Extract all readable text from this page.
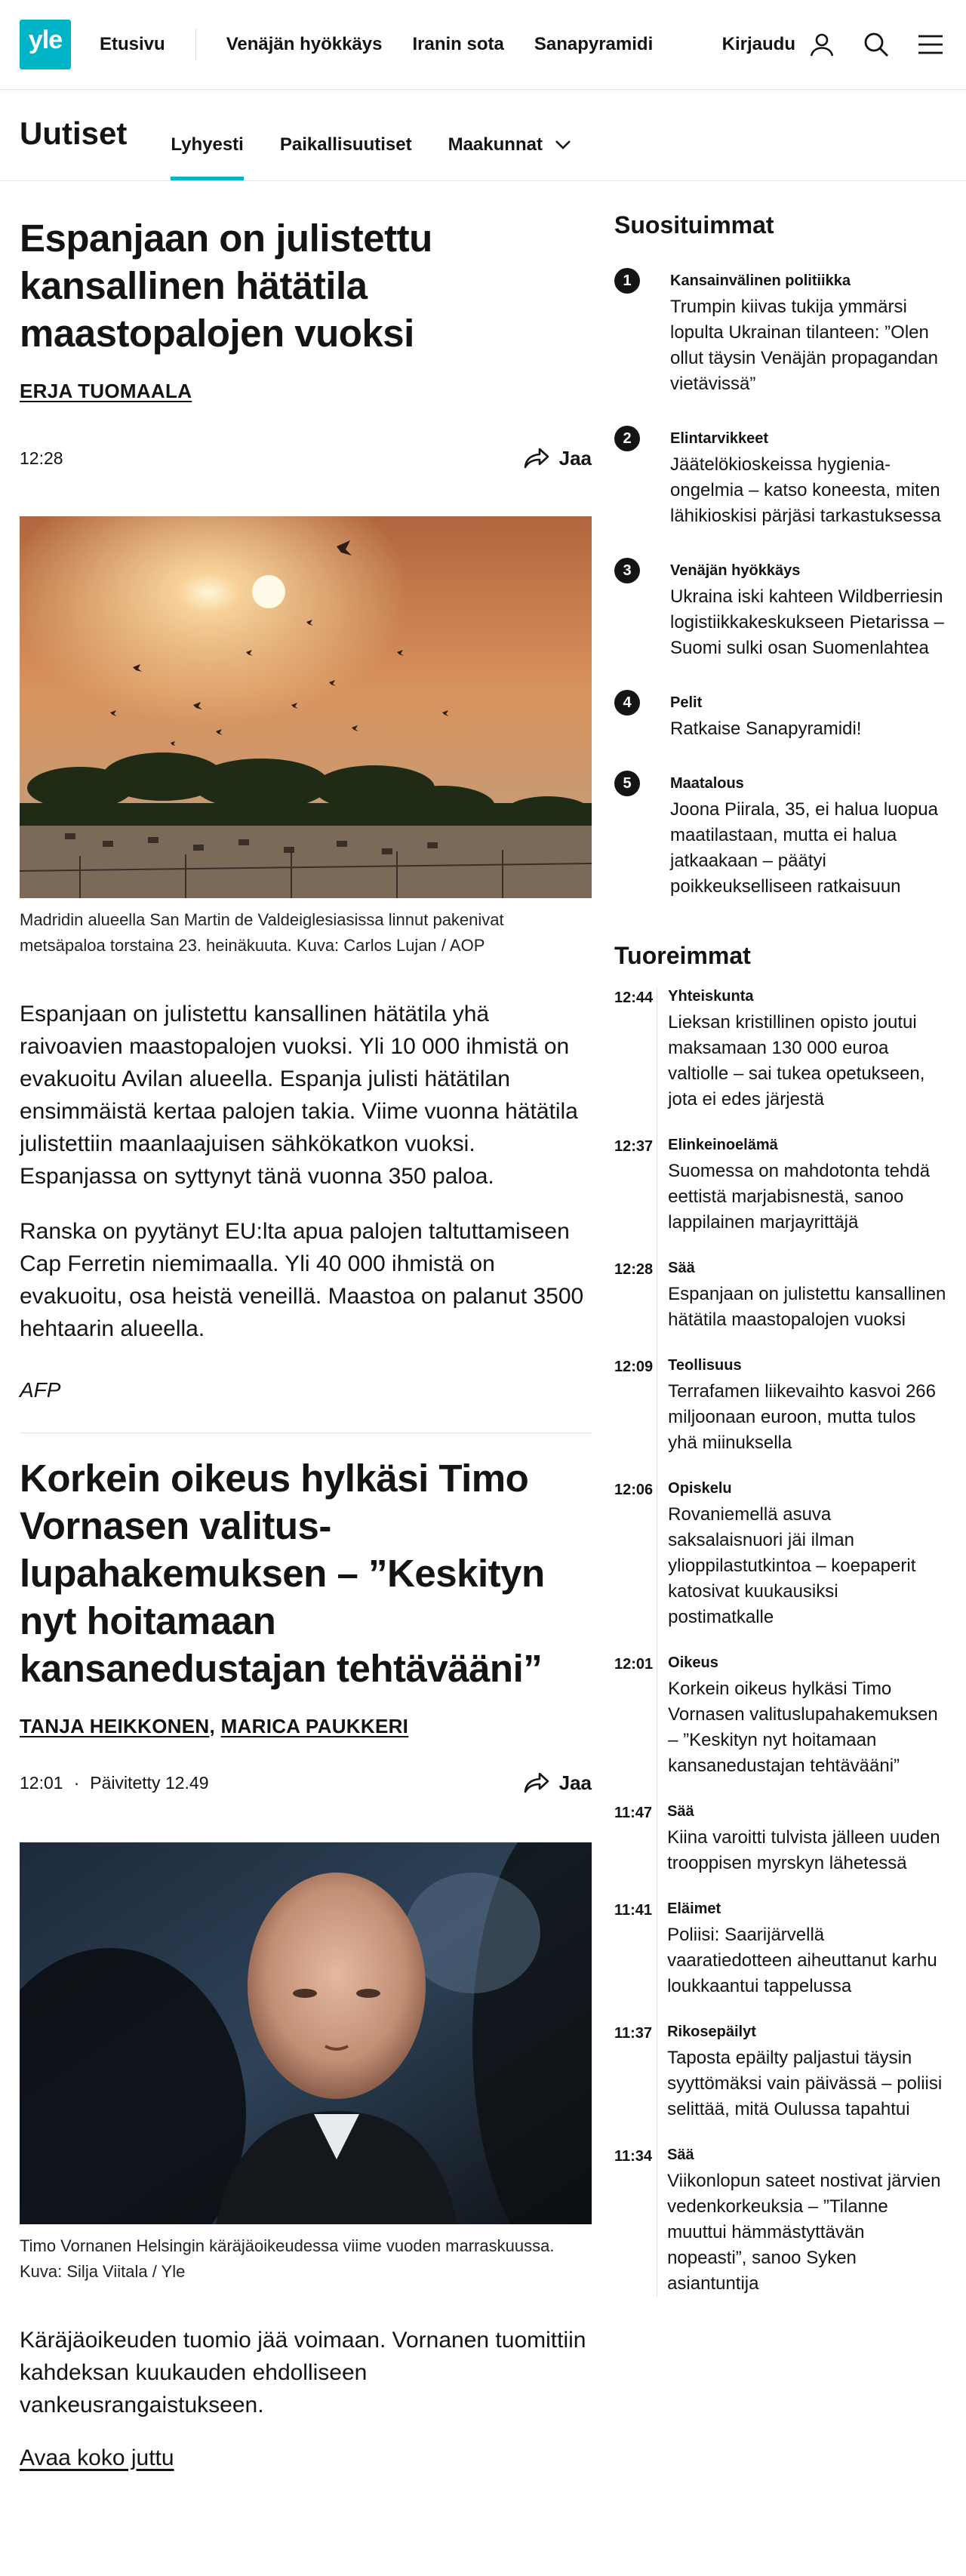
yle Etusivu	Venäjän hyökkäys Iranin sota Sanapyramidi	Kirjaudu
Uutiset Lyhyesti Paikallisuutiset Maakunnat
Espanjaan on julistettu kansallinen hätätila maastopalojen vuoksi
ERJA TUOMAALA
12:28	Jaa

Madridin alueella San Martin de Valdeiglesiasissa linnut pakenivat metsäpaloa torstaina 23. heinäkuuta. Kuva: Carlos Lujan / AOP

Espanjaan on julistettu kansallinen hätätila yhä raivoavien maastopalojen vuoksi. Yli 10 000 ihmistä on evakuoitu Avilan alueella. Espanja julisti hätätilan ensimmäistä kertaa palojen takia. Viime vuonna hätätila julistettiin maanlaajuisen sähkökatkon vuoksi. Espanjassa on syttynyt tänä vuonna 350 paloa.

Ranska on pyytänyt EU:lta apua palojen taltuttamiseen Cap Ferretin niemimaalla. Yli 40 000 ihmistä on evakuoitu, osa heistä veneillä. Maastoa on palanut 3500 hehtaarin alueella.

AFP

Korkein oikeus hylkäsi Timo Vornasen valituslupahakemuksen – ”Keskityn nyt hoitamaan kansanedustajan tehtävääni”
TANJA HEIKKONEN, MARICA PAUKKERI
12:01 · Päivitetty 12.49	Jaa

Timo Vornanen Helsingin käräjäoikeudessa viime vuoden marraskuussa. Kuva: Silja Viitala / Yle

Käräjäoikeuden tuomio jää voimaan. Vornanen tuomittiin kahdeksan kuukauden ehdolliseen vankeusrangaistukseen.

Avaa koko juttu
Suosituimmat
1	Kansainvälinen politiikka
Trumpin kiivas tukija ymmärsi lopulta Ukrainan tilanteen: ”Olen ollut täysin Venäjän propagandan vietävissä”
2	Elintarvikkeet
Jäätelökioskeissa hygieniaongelmia – katso koneesta, miten lähikioskisi pärjäsi tarkastuksessa
3	Venäjän hyökkäys
Ukraina iski kahteen Wildberriesin logistiikkakeskukseen Pietarissa – Suomi sulki osan Suomenlahtea
4	Pelit
Ratkaise Sanapyramidi!
5	Maatalous
Joona Piirala, 35, ei halua luopua maatilastaan, mutta ei halua jatkaakaan – päätyi poikkeukselliseen ratkaisuun
Tuoreimmat
12:44 Yhteiskunta
Lieksan kristillinen opisto joutui maksamaan 130 000 euroa valtiolle – sai tukea opetukseen, jota ei edes järjestä
12:37 Elinkeinoelämä
Suomessa on mahdotonta tehdä eettistä marjabisnestä, sanoo lappilainen marjayrittäjä
12:28 Sää
Espanjaan on julistettu kansallinen hätätila maastopalojen vuoksi
12:09 Teollisuus
Terrafamen liikevaihto kasvoi 266 miljoonaan euroon, mutta tulos yhä miinuksella
12:06 Opiskelu
Rovaniemellä asuva saksalaisnuori jäi ilman ylioppilastutkintoa – koepaperit katosivat kuukausiksi postimatkalle
12:01 Oikeus
Korkein oikeus hylkäsi Timo Vornasen valituslupahakemuksen – ”Keskityn nyt hoitamaan kansanedustajan tehtävääni”
11:47 Sää
Kiina varoitti tulvista jälleen uuden trooppisen myrskyn lähetessä
11:41 Eläimet
Poliisi: Saarijärvellä vaaratiedotteen aiheuttanut karhu loukkaantui tappelussa
11:37 Rikosepäilyt
Taposta epäilty paljastui täysin syyttömäksi vain päivässä – poliisi selittää, mitä Oulussa tapahtui
11:34 Sää
Viikonlopun sateet nostivat järvien vedenkorkeuksia – ”Tilanne muuttui hämmästyttävän nopeasti”, sanoo Syken asiantuntija
